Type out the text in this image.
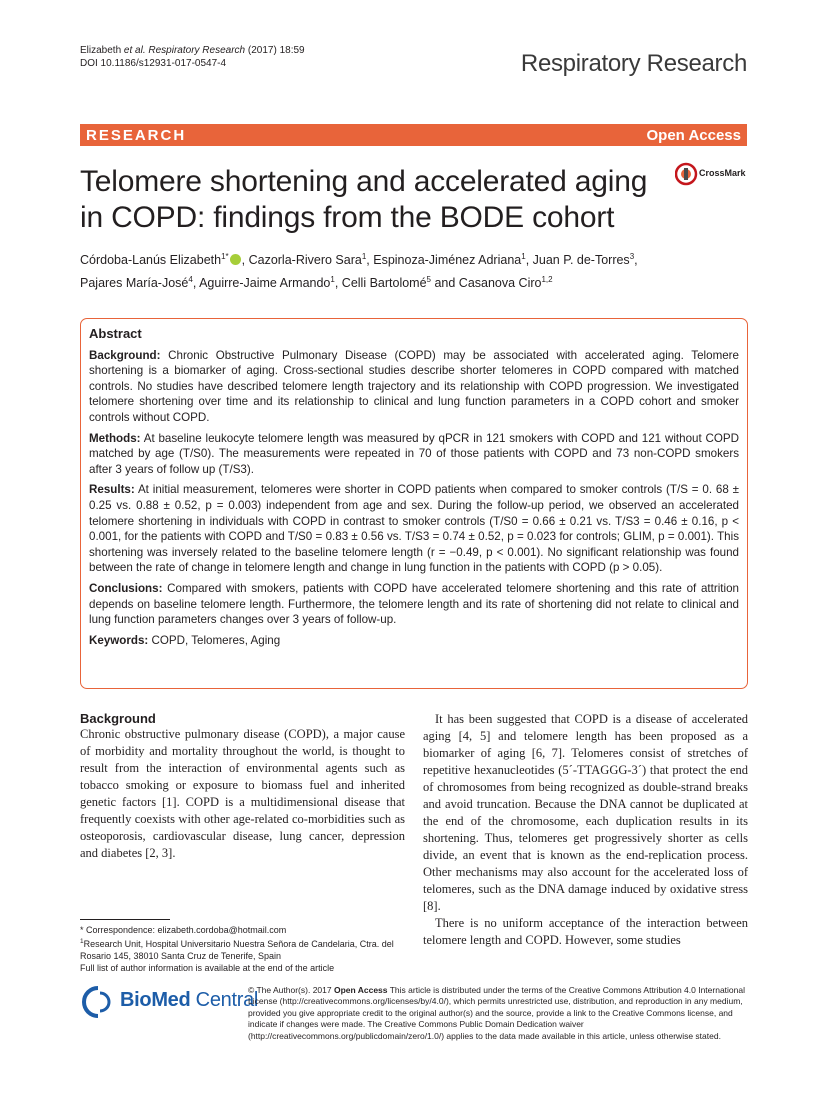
Elizabeth et al. Respiratory Research (2017) 18:59
DOI 10.1186/s12931-017-0547-4	Respiratory Research
RESEARCH	Open Access
Telomere shortening and accelerated aging
in COPD: findings from the BODE cohort
CrossMark
Córdoba-Lanús Elizabeth$^{1*}$ , Cazorla-Rivero Sara$^1$, Espinoza-Jiménez Adriana$^1$, Juan P. de-Torres$^3$,
Pajares María-José$^4$, Aguirre-Jaime Armando$^1$, Celli Bartolomé$^5$ and Casanova Ciro$^{1,2}$
Abstract

Background: Chronic Obstructive Pulmonary Disease (COPD) may be associated with accelerated aging. Telomere shortening is a biomarker of aging. Cross-sectional studies describe shorter telomeres in COPD compared with matched controls. No studies have described telomere length trajectory and its relationship with COPD progression. We investigated telomere shortening over time and its relationship to clinical and lung function parameters in a COPD cohort and smoker controls without COPD.

Methods: At baseline leukocyte telomere length was measured by qPCR in 121 smokers with COPD and 121 without COPD matched by age (T/S0). The measurements were repeated in 70 of those patients with COPD and 73 non-COPD smokers after 3 years of follow up (T/S3).

Results: At initial measurement, telomeres were shorter in COPD patients when compared to smoker controls (T/S = 0. 68 ± 0.25 vs. 0.88 ± 0.52, p = 0.003) independent from age and sex. During the follow-up period, we observed an accelerated telomere shortening in individuals with COPD in contrast to smoker controls (T/S0 = 0.66 ± 0.21 vs. T/S3 = 0.46 ± 0.16, p < 0.001, for the patients with COPD and T/S0 = 0.83 ± 0.56 vs. T/S3 = 0.74 ± 0.52, p = 0.023 for controls; GLIM, p = 0.001). This shortening was inversely related to the baseline telomere length (r = −0.49, p < 0.001). No significant relationship was found between the rate of change in telomere length and change in lung function in the patients with COPD (p > 0.05).

Conclusions: Compared with smokers, patients with COPD have accelerated telomere shortening and this rate of attrition depends on baseline telomere length. Furthermore, the telomere length and its rate of shortening did not relate to clinical and lung function parameters changes over 3 years of follow-up.

Keywords: COPD, Telomeres, Aging

Background

Chronic obstructive pulmonary disease (COPD), a major cause of morbidity and mortality throughout the world, is thought to result from the interaction of environmental agents such as tobacco smoking or exposure to biomass fuel and inherited genetic factors [1]. COPD is a multidimensional disease that frequently coexists with other age-related co-morbidities such as osteoporosis, cardiovascular disease, lung cancer, depression and diabetes [2, 3].

It has been suggested that COPD is a disease of accelerated aging [4, 5] and telomere length has been proposed as a biomarker of aging [6, 7]. Telomeres consist of stretches of repetitive hexanucleotides (5´-TTAGGG-3´) that protect the end of chromosomes from being recognized as double-strand breaks and avoid truncation. Because the DNA cannot be duplicated at the end of the chromosome, each duplication results in its shortening. Thus, telomeres get progressively shorter as cells divide, an event that is known as the end-replication process. Other mechanisms may also account for the accelerated loss of telomeres, such as the DNA damage induced by oxidative stress [8].

There is no uniform acceptance of the interaction between telomere length and COPD. However, some studies

* Correspondence: elizabeth.cordoba@hotmail.com
$^1$Research Unit, Hospital Universitario Nuestra Señora de Candelaria, Ctra. del Rosario 145, 38010 Santa Cruz de Tenerife, Spain
Full list of author information is available at the end of the article
BioMed Central
© The Author(s). 2017 Open Access This article is distributed under the terms of the Creative Commons Attribution 4.0 International License (http://creativecommons.org/licenses/by/4.0/), which permits unrestricted use, distribution, and reproduction in any medium, provided you give appropriate credit to the original author(s) and the source, provide a link to the Creative Commons license, and indicate if changes were made. The Creative Commons Public Domain Dedication waiver (http://creativecommons.org/publicdomain/zero/1.0/) applies to the data made available in this article, unless otherwise stated.
